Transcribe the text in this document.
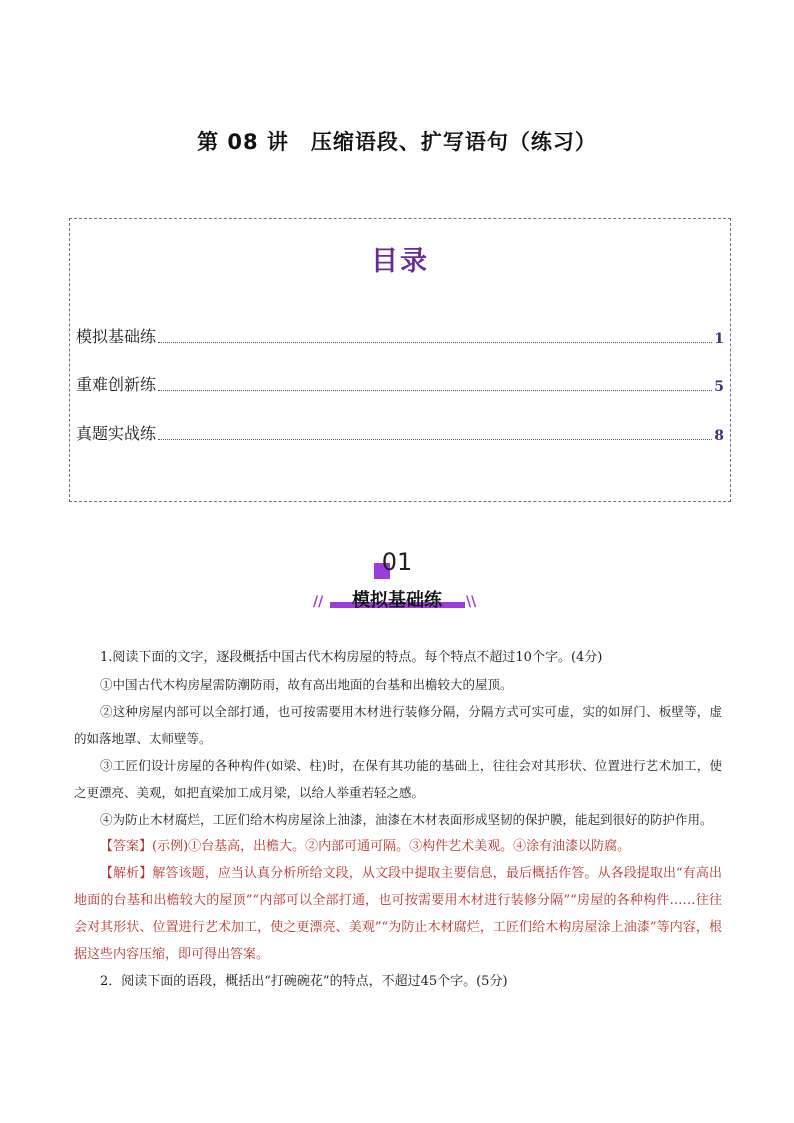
第 08 讲　压缩语段、扩写语句（练习）
目录
模拟基础练	1
重难创新练	5
真题实战练	8
01
模拟基础练
//	\\

1.阅读下面的文字，逐段概括中国古代木构房屋的特点。每个特点不超过10个字。(4分)

①中国古代木构房屋需防潮防雨，故有高出地面的台基和出檐较大的屋顶。

②这种房屋内部可以全部打通，也可按需要用木材进行装修分隔，分隔方式可实可虚，实的如屏门、板壁等，虚的如落地罩、太师壁等。

③工匠们设计房屋的各种构件(如梁、柱)时，在保有其功能的基础上，往往会对其形状、位置进行艺术加工，使之更漂亮、美观，如把直梁加工成月梁，以给人举重若轻之感。

④为防止木材腐烂，工匠们给木构房屋涂上油漆，油漆在木材表面形成坚韧的保护膜，能起到很好的防护作用。

【答案】(示例)①台基高，出檐大。②内部可通可隔。③构件艺术美观。④涂有油漆以防腐。

【解析】解答该题，应当认真分析所给文段，从文段中提取主要信息，最后概括作答。从各段提取出“有高出地面的台基和出檐较大的屋顶”“内部可以全部打通，也可按需要用木材进行装修分隔”“房屋的各种构件……往往会对其形状、位置进行艺术加工，使之更漂亮、美观”“为防止木材腐烂，工匠们给木构房屋涂上油漆”等内容，根据这些内容压缩，即可得出答案。

2．阅读下面的语段，概括出“打碗碗花”的特点，不超过45个字。(5分)
